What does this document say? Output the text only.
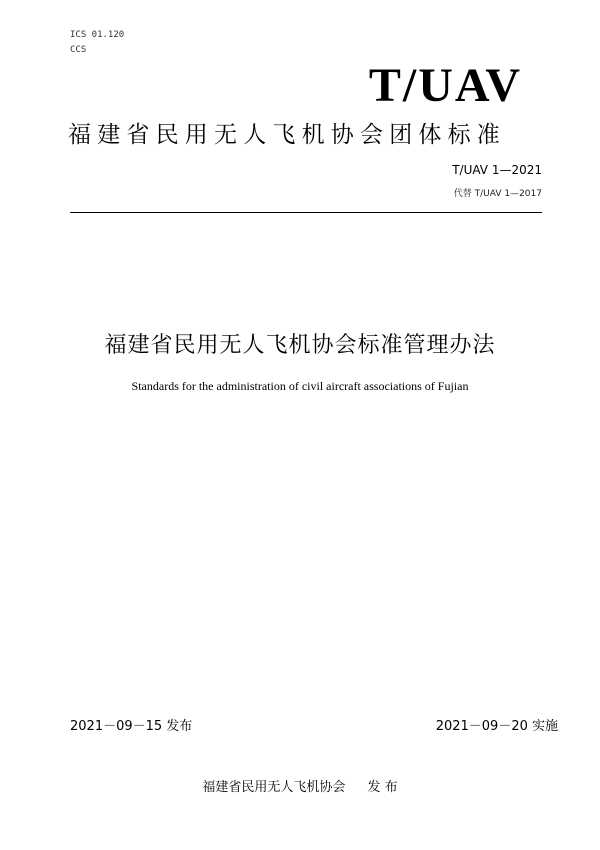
ICS 01.120
CCS
T/UAV
福建省民用无人飞机协会团体标准
T/UAV 1—2021
代替 T/UAV 1—2017
福建省民用无人飞机协会标准管理办法
Standards for the administration of civil aircraft associations of Fujian
2021－09－15 发布	2021－09－20 实施
福建省民用无人飞机协会 发 布
